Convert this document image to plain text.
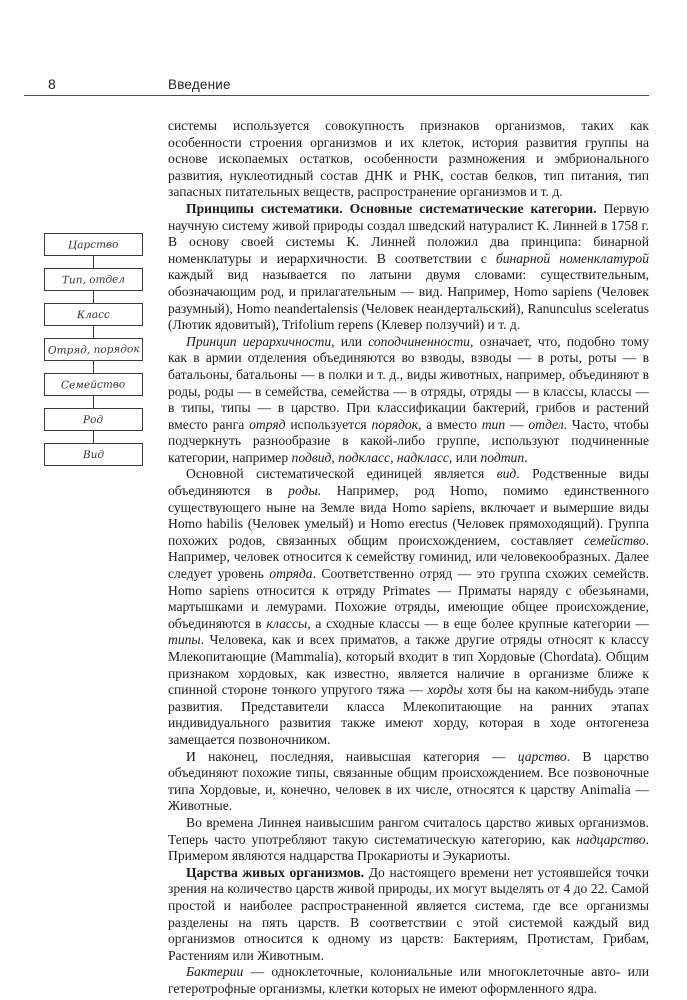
8	Введение
Царство
Тип, отдел
Класс
Отряд, порядок
Семейство
Род
Вид

системы используется совокупность признаков организмов, таких как особенности строения организмов и их клеток, история развития группы на основе ископаемых остатков, особенности размножения и эмбрионального развития, нуклеотидный состав ДНК и РНК, состав белков, тип питания, тип запасных питательных веществ, распространение организмов и т. д.

Принципы систематики. Основные систематические категории. Первую научную систему живой природы создал шведский натуралист К. Линней в 1758 г. В основу своей системы К. Линней положил два принципа: бинарной номенклатуры и иерархичности. В соответствии с бинарной номенклатурой каждый вид называется по латыни двумя словами: существительным, обозначающим род, и прилагательным — вид. Например, Homo sapiens (Человек разумный), Homo neandertalensis (Человек неандертальский), Ranunculus sceleratus (Лютик ядовитый), Trifolium repens (Клевер ползучий) и т. д.

Принцип иерархичности, или соподчиненности, означает, что, подобно тому как в армии отделения объединяются во взводы, взводы — в роты, роты — в батальоны, батальоны — в полки и т. д., виды животных, например, объединяют в роды, роды — в семейства, семейства — в отряды, отряды — в классы, классы — в типы, типы — в царство. При классификации бактерий, грибов и растений вместо ранга отряд используется порядок, а вместо тип — отдел. Часто, чтобы подчеркнуть разнообразие в какой-либо группе, используют подчиненные категории, например подвид, подкласс, надкласс, или подтип.

Основной систематической единицей является вид. Родственные виды объединяются в роды. Например, род Homo, помимо единственного существующего ныне на Земле вида Homo sapiens, включает и вымершие виды Homo habilis (Человек умелый) и Homo erectus (Человек прямоходящий). Группа похожих родов, связанных общим происхождением, составляет семейство. Например, человек относится к семейству гоминид, или человекообразных. Далее следует уровень отряда. Соответственно отряд — это группа схожих семейств. Homo sapiens относится к отряду Primates — Приматы наряду с обезьянами, мартышками и лемурами. Похожие отряды, имеющие общее происхождение, объединяются в классы, а сходные классы — в еще более крупные категории — типы. Человека, как и всех приматов, а также другие отряды относят к классу Млекопитающие (Mammalia), который входит в тип Хордовые (Chordata). Общим признаком хордовых, как известно, является наличие в организме ближе к спинной стороне тонкого упругого тяжа — хорды хотя бы на каком-нибудь этапе развития. Представители класса Млекопитающие на ранних этапах индивидуального развития также имеют хорду, которая в ходе онтогенеза замещается позвоночником.

И наконец, последняя, наивысшая категория — царство. В царство объединяют похожие типы, связанные общим происхождением. Все позвоночные типа Хордовые, и, конечно, человек в их числе, относятся к царству Animalia — Животные.

Во времена Линнея наивысшим рангом считалось царство живых организмов. Теперь часто употребляют такую систематическую категорию, как надцарство. Примером являются надцарства Прокариоты и Эукариоты.

Царства живых организмов. До настоящего времени нет устоявшейся точки зрения на количество царств живой природы, их могут выделять от 4 до 22. Самой простой и наиболее распространенной является система, где все организмы разделены на пять царств. В соответствии с этой системой каждый вид организмов относится к одному из царств: Бактериям, Протистам, Грибам, Растениям или Животным.

Бактерии — одноклеточные, колониальные или многоклеточные авто- или гетеротрофные организмы, клетки которых не имеют оформленного ядра.
